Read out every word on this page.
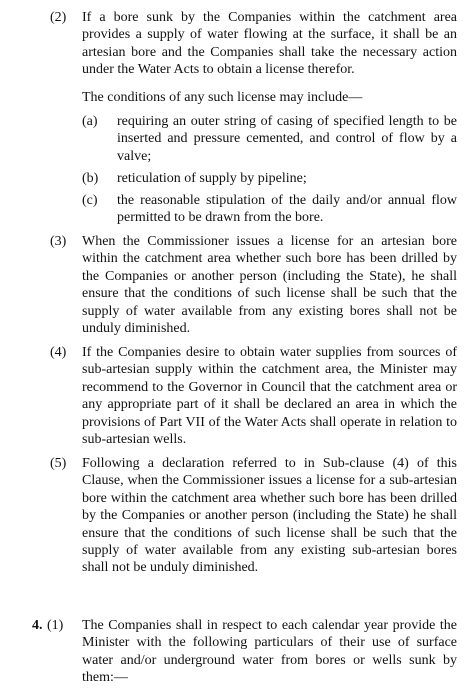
(2) If a bore sunk by the Companies within the catchment area provides a supply of water flowing at the surface, it shall be an artesian bore and the Companies shall take the necessary action under the Water Acts to obtain a license therefor.
The conditions of any such license may include—
(a) requiring an outer string of casing of specified length to be inserted and pressure cemented, and control of flow by a valve;
(b) reticulation of supply by pipeline;
(c) the reasonable stipulation of the daily and/or annual flow permitted to be drawn from the bore.
(3) When the Commissioner issues a license for an artesian bore within the catchment area whether such bore has been drilled by the Companies or another person (including the State), he shall ensure that the conditions of such license shall be such that the supply of water available from any existing bores shall not be unduly diminished.
(4) If the Companies desire to obtain water supplies from sources of sub-artesian supply within the catchment area, the Minister may recommend to the Governor in Council that the catchment area or any appropriate part of it shall be declared an area in which the provisions of Part VII of the Water Acts shall operate in relation to sub-artesian wells.
(5) Following a declaration referred to in Sub-clause (4) of this Clause, when the Commissioner issues a license for a sub-artesian bore within the catchment area whether such bore has been drilled by the Companies or another person (including the State) he shall ensure that the conditions of such license shall be such that the supply of water available from any existing sub-artesian bores shall not be unduly diminished.
4. (1) The Companies shall in respect to each calendar year provide the Minister with the following particulars of their use of surface water and/or underground water from bores or wells sunk by them:—
